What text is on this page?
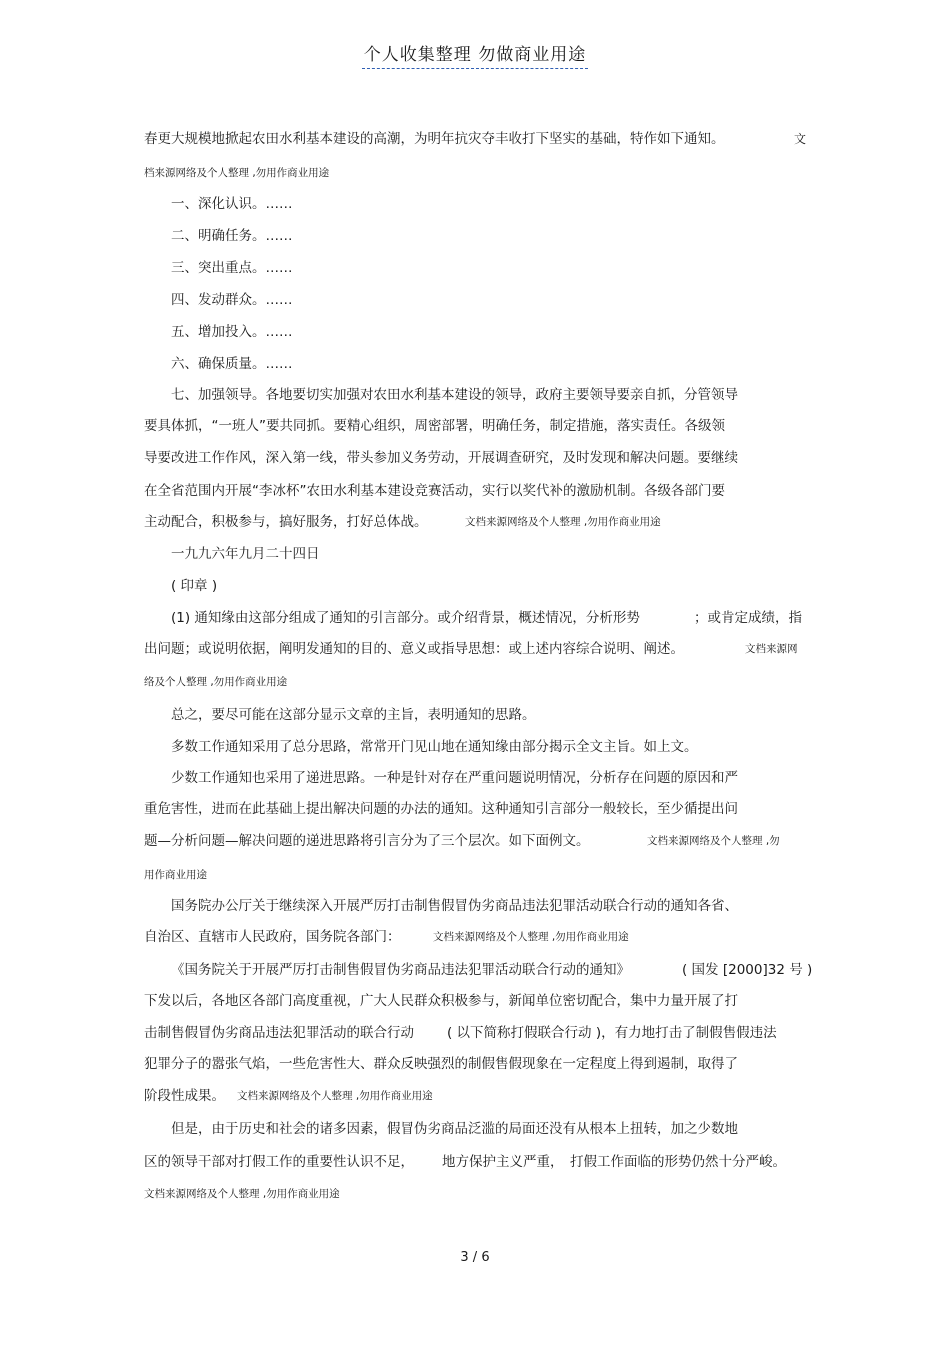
个人收集整理 勿做商业用途
春更大规模地掀起农田水利基本建设的高潮，为明年抗灾夺丰收打下坚实的基础，特作如下通知。	文
档来源网络及个人整理 ,勿用作商业用途
一、深化认识。……
二、明确任务。……
三、突出重点。……
四、发动群众。……
五、增加投入。……
六、确保质量。……
七、加强领导。各地要切实加强对农田水利基本建设的领导，政府主要领导要亲自抓，分管领导
要具体抓，“一班人”要共同抓。要精心组织，周密部署，明确任务，制定措施，落实责任。各级领
导要改进工作作风，深入第一线，带头参加义务劳动，开展调查研究，及时发现和解决问题。要继续
在全省范围内开展“李冰杯”农田水利基本建设竞赛活动，实行以奖代补的激励机制。各级各部门要
主动配合，积极参与，搞好服务，打好总体战。	文档来源网络及个人整理 ,勿用作商业用途
一九九六年九月二十四日
( 印章 )
(1) 通知缘由这部分组成了通知的引言部分。或介绍背景，概述情况，分析形势	；或肯定成绩，指
出问题；或说明依据，阐明发通知的目的、意义或指导思想：或上述内容综合说明、阐述。	文档来源网
络及个人整理 ,勿用作商业用途
总之，要尽可能在这部分显示文章的主旨，表明通知的思路。
多数工作通知采用了总分思路，常常开门见山地在通知缘由部分揭示全文主旨。如上文。
少数工作通知也采用了递进思路。一种是针对存在严重问题说明情况，分析存在问题的原因和严
重危害性，进而在此基础上提出解决问题的办法的通知。这种通知引言部分一般较长，至少循提出问
题—分析问题—解决问题的递进思路将引言分为了三个层次。如下面例文。	文档来源网络及个人整理 ,勿
用作商业用途
国务院办公厅关于继续深入开展严厉打击制售假冒伪劣商品违法犯罪活动联合行动的通知各省、
自治区、直辖市人民政府，国务院各部门：	文档来源网络及个人整理 ,勿用作商业用途
《国务院关于开展严厉打击制售假冒伪劣商品违法犯罪活动联合行动的通知》	( 国发 [2000]32 号 )
下发以后，各地区各部门高度重视，广大人民群众积极参与，新闻单位密切配合，集中力量开展了打
击制售假冒伪劣商品违法犯罪活动的联合行动 ( 以下简称打假联合行动 )，有力地打击了制假售假违法
犯罪分子的嚣张气焰，一些危害性大、群众反映强烈的制假售假现象在一定程度上得到遏制，取得了
阶段性成果。 文档来源网络及个人整理 ,勿用作商业用途
但是，由于历史和社会的诸多因素，假冒伪劣商品泛滥的局面还没有从根本上扭转，加之少数地
区的领导干部对打假工作的重要性认识不足， 地方保护主义严重， 打假工作面临的形势仍然十分严峻。
文档来源网络及个人整理 ,勿用作商业用途
3 / 6
